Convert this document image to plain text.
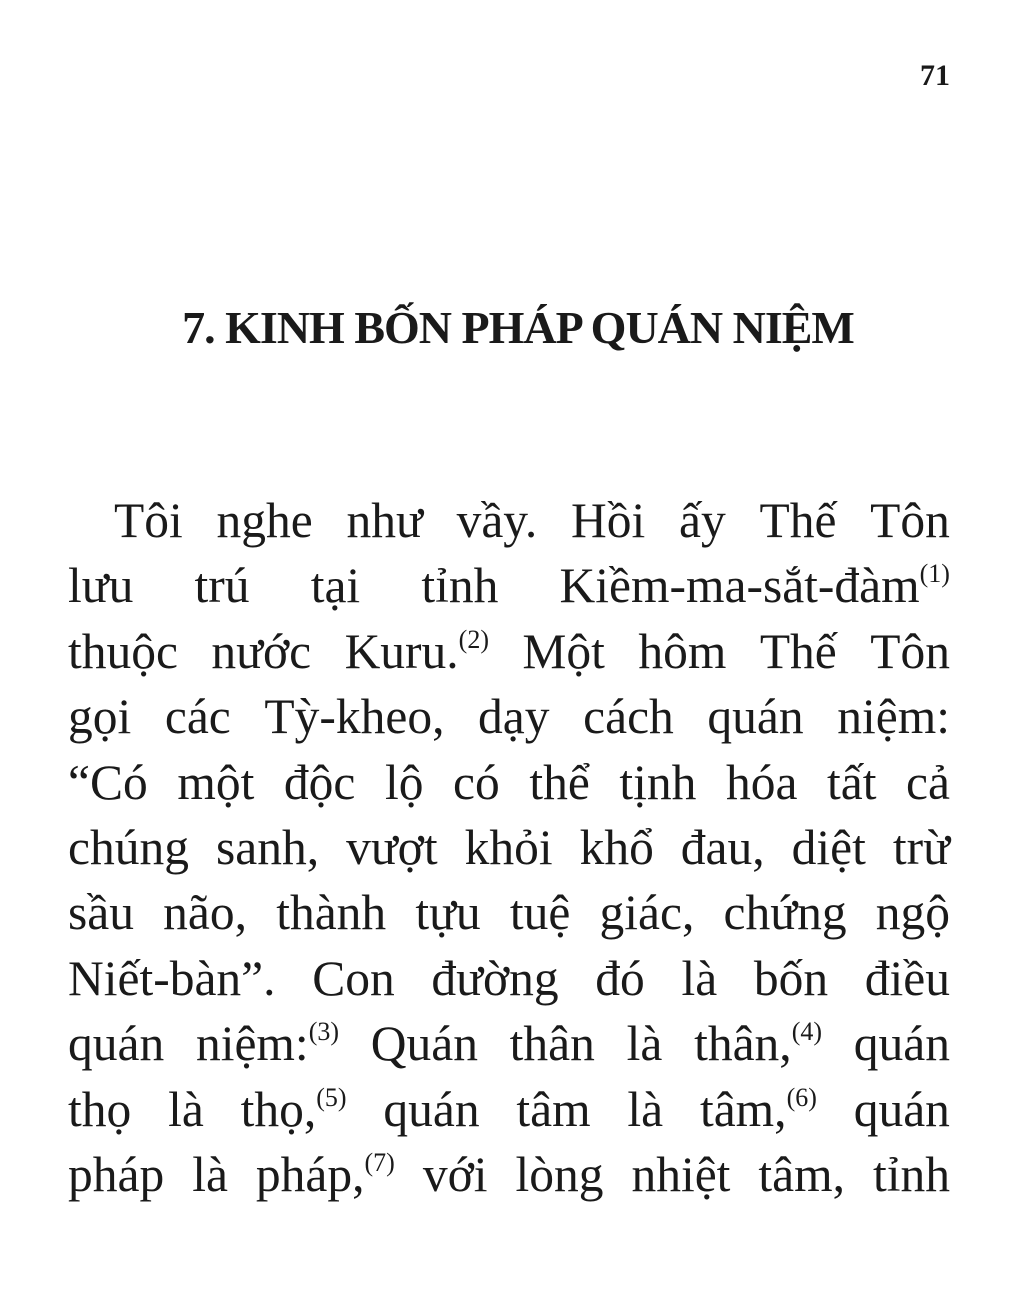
71
7. KINH BỐN PHÁP QUÁN NIỆM
Tôi nghe như vầy. Hồi ấy Thế Tôn
lưu trú tại tỉnh Kiềm-ma-sắt-đàm$^{(1)}$
thuộc nước Kuru.$^{(2)}$ Một hôm Thế Tôn
gọi các Tỳ-kheo, dạy cách quán niệm:
“Có một độc lộ có thể tịnh hóa tất cả
chúng sanh, vượt khỏi khổ đau, diệt trừ
sầu não, thành tựu tuệ giác, chứng ngộ
Niết-bàn”. Con đường đó là bốn điều
quán niệm:$^{(3)}$ Quán thân là thân,$^{(4)}$ quán
thọ là thọ,$^{(5)}$ quán tâm là tâm,$^{(6)}$ quán
pháp là pháp,$^{(7)}$ với lòng nhiệt tâm, tỉnh
